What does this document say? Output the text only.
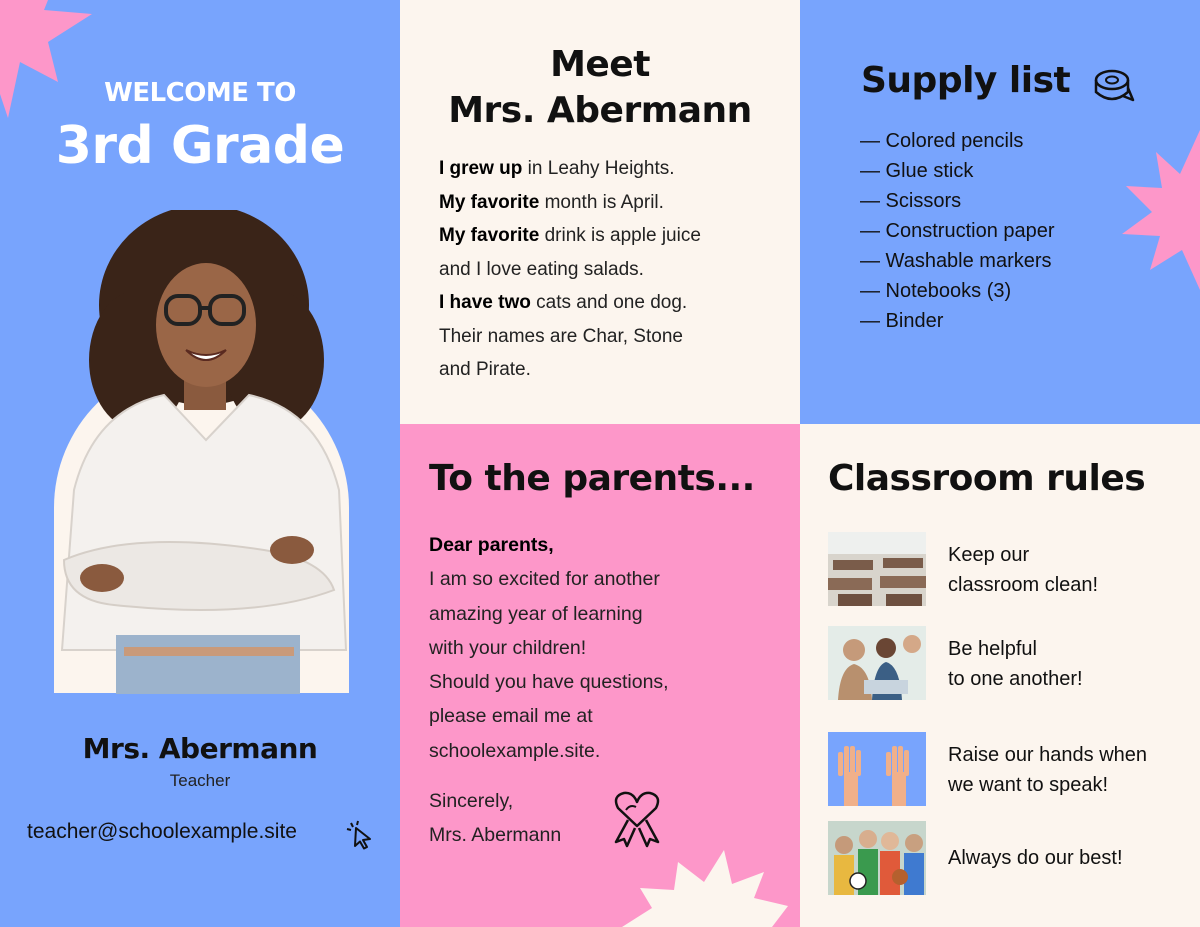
WELCOME TO
3rd Grade
Mrs. Abermann
Teacher
teacher@schoolexample.site
Meet
Mrs. Abermann
I grew up in Leahy Heights.
My favorite month is April.
My favorite drink is apple juice
and I love eating salads.
I have two cats and one dog.
Their names are Char, Stone
and Pirate.
Supply list
— Colored pencils
— Glue stick
— Scissors
— Construction paper
— Washable markers
— Notebooks (3)
— Binder
To the parents...
Dear parents,
I am so excited for another
amazing year of learning
with your children!
Should you have questions,
please email me at
schoolexample.site.
Sincerely,
Mrs. Abermann
Classroom rules
Keep our
classroom clean!
Be helpful
to one another!
Raise our hands when
we want to speak!
Always do our best!
